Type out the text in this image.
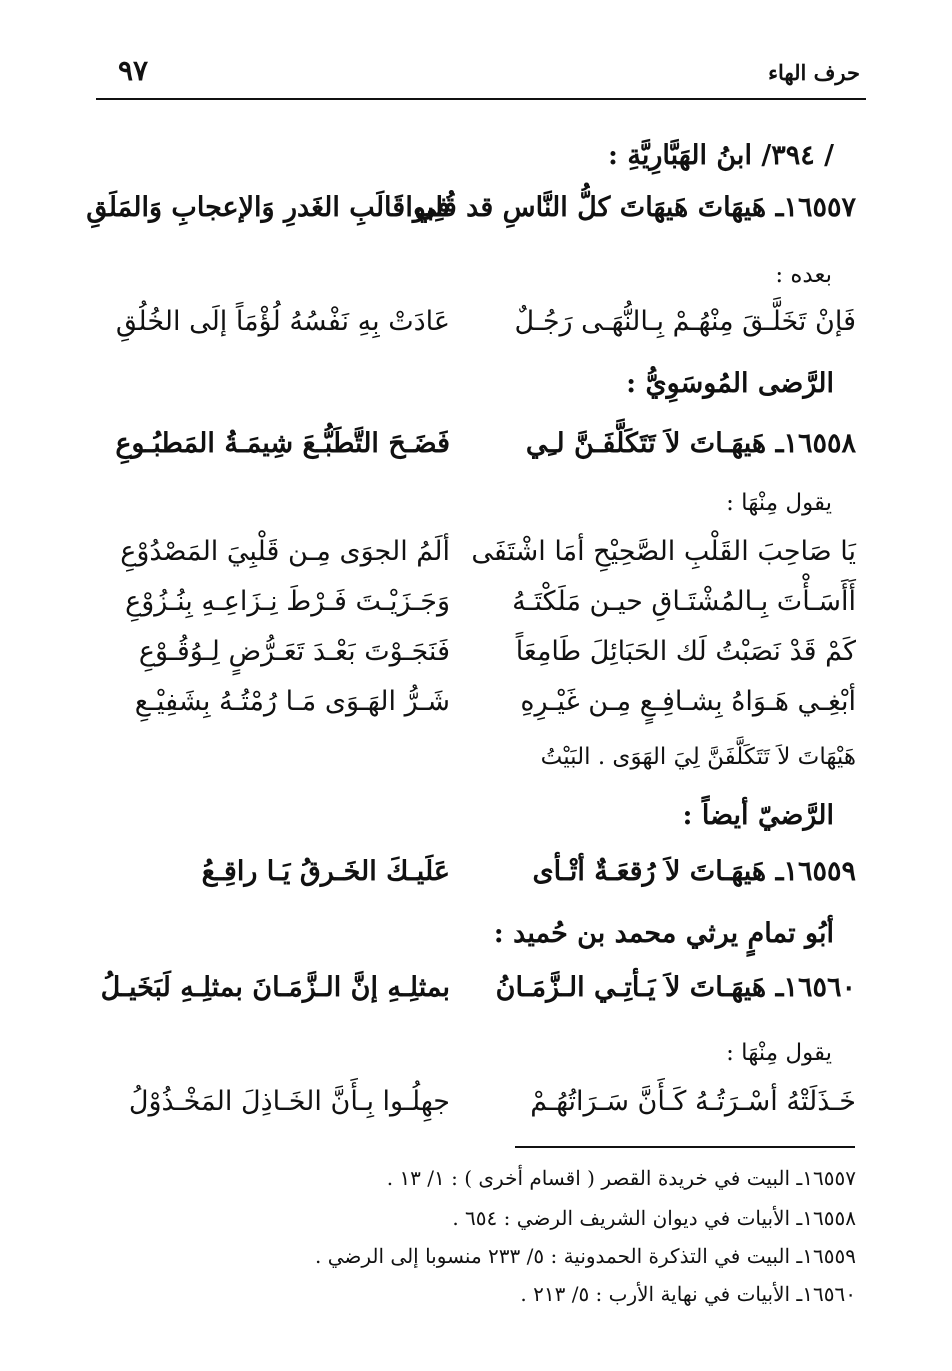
حرف الهاء
٩٧
/ ٣٩٤/ ابنُ الهَبَّارِيَّةِ :
١٦٥٥٧ـ هَيهَاتَ هَيهَاتَ كلُّ النَّاسِ قد قُلِبوا
في قَالَبِ الغَدرِ وَالإعجابِ وَالمَلَقِ
بعده :
فَإنْ تَخَلَّـقَ مِنْهُـمْ بِـالنُّهَـى رَجُـلٌ
عَادَتْ بِهِ نَفْسُهُ لُؤْمَاً إلَى الخُلُقِ
الرَّضى المُوسَوِيُّ :
١٦٥٥٨ـ هَيهَـاتَ لاَ تَتَكَلَّفَـنَّ لـِي
فَضَـحَ التَّطَبُّـعَ شِيمَـةُ المَطبُـوعِ
يقول مِنْهَا :
يَا صَاحِبَ القَلْبِ الصَّحِيْحِ أمَا اشْتَفَى
ألَمُ الجوَى مِـن قَلْبِيَ المَصْدُوْعِ
أَأَسَـأْتَ بِـالمُشْتَـاقِ حيـن مَلَكْتَـهُ
وَجَـزَيْـتَ فَـرْطَ نِـزَاعِـهِ بِنُـزُوْعِ
كَمْ قَدْ نَصَبْتُ لَك الحَبَائِلَ طَامِعَاً
فَنَجَـوْتَ بَعْـدَ تَعَـرُّضٍ لِـوُقُـوْعِ
أبْغِـي هَـوَاهُ بِشـافِـعٍ مِـن غَيْـرِهِ
شَـرُّ الهَـوَى مَـا رُمْتُـهُ بِشَفِيْـعِ
هَيْهَاتَ لاَ تَتَكَلَّفَنَّ لِيَ الهَوَى . البَيْتُ
الرَّضيّ أيضاً :
١٦٥٥٩ـ هَيهَـاتَ لاَ رُقعَـةٌ أتْـأى
عَلَيـكَ الخَـرقُ يَـا راقِـعُ
أبُو تمامٍ يرثي محمد بن حُميد :
١٦٥٦٠ـ هَيهَـاتَ لاَ يَـأتِـي الـزَّمَـانُ
بمثلِـهِ إنَّ الـزَّمَـانَ بمثلِـهِ لَبَخَيـلُ
يقول مِنْهَا :
خَـذَلَتْهُ أسْـرَتُـهُ كَـأَنَّ سَـرَاتُهُـمْ
جهِلُـوا بِـأَنَّ الخَـاذِلَ المَخْـذُوْلُ
١٦٥٥٧ـ البيت في خريدة القصر ( اقسام أخرى ) : ١/ ١٣ .
١٦٥٥٨ـ الأبيات في ديوان الشريف الرضي : ٦٥٤ .
١٦٥٥٩ـ البيت في التذكرة الحمدونية : ٥/ ٢٣٣ منسوبا إلى الرضي .
١٦٥٦٠ـ الأبيات في نهاية الأرب : ٥/ ٢١٣ .
